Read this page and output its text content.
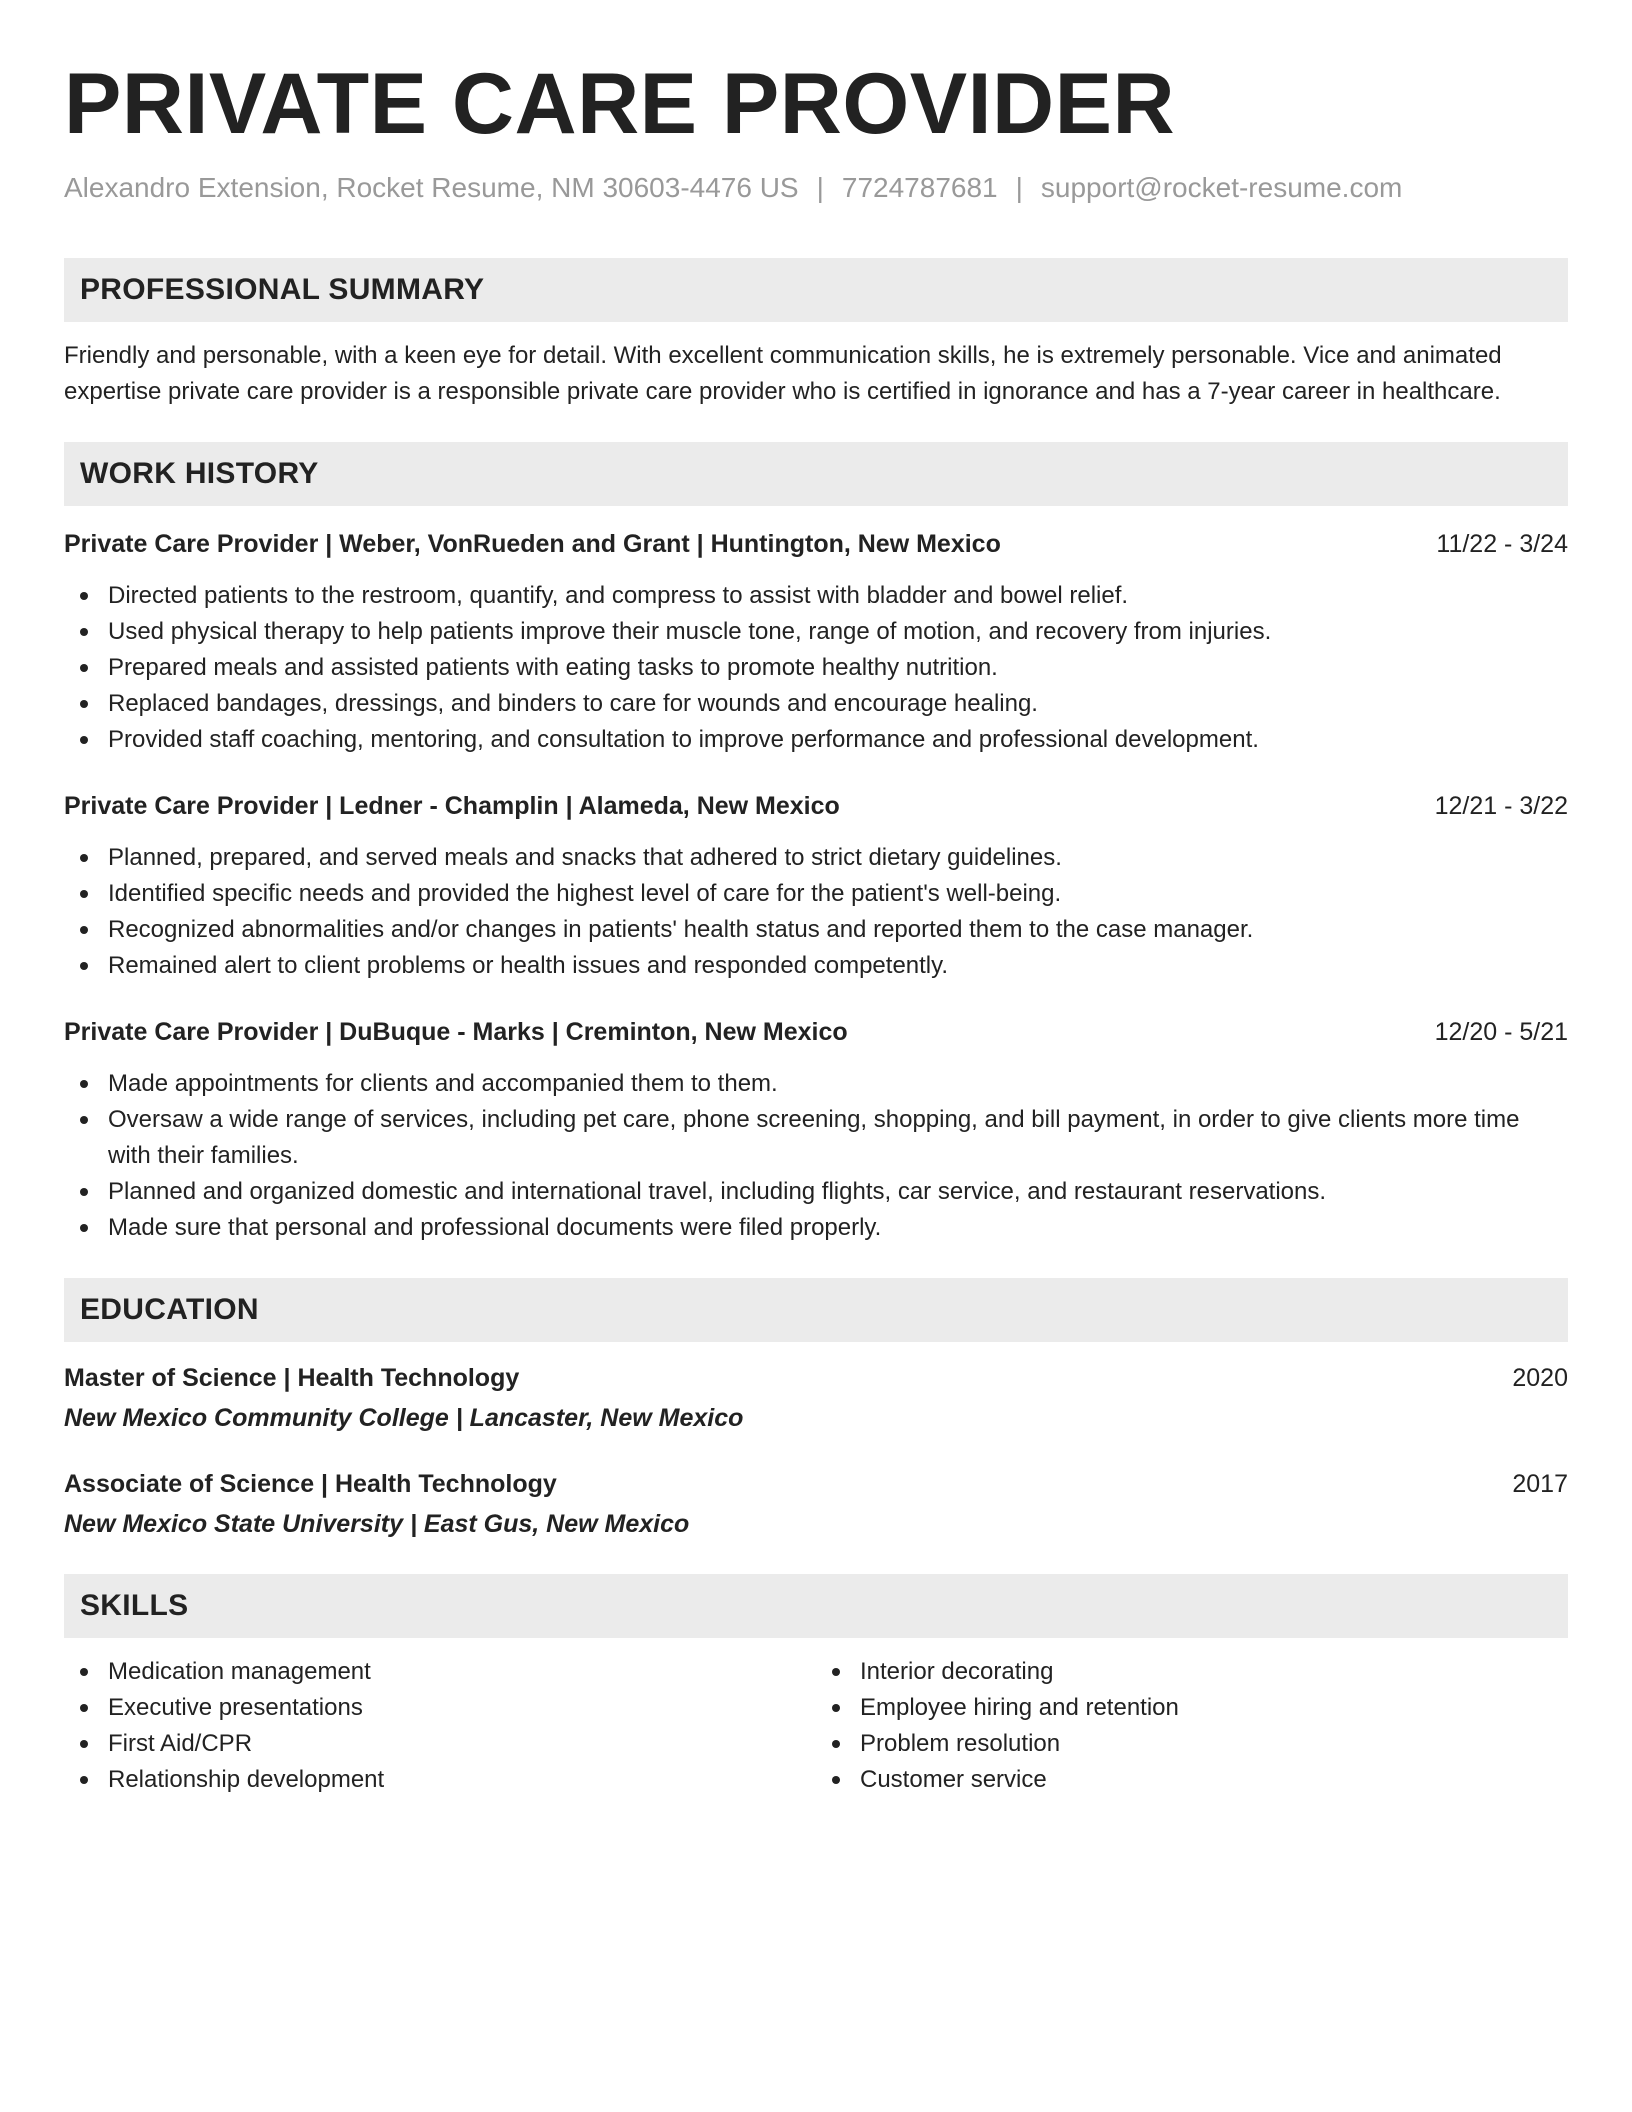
PRIVATE CARE PROVIDER
Alexandro Extension, Rocket Resume, NM 30603-4476 US | 7724787681 | support@rocket-resume.com
PROFESSIONAL SUMMARY
Friendly and personable, with a keen eye for detail. With excellent communication skills, he is extremely personable. Vice and animated expertise private care provider is a responsible private care provider who is certified in ignorance and has a 7-year career in healthcare.
WORK HISTORY
Private Care Provider | Weber, VonRueden and Grant | Huntington, New Mexico	11/22 - 3/24
Directed patients to the restroom, quantify, and compress to assist with bladder and bowel relief.
Used physical therapy to help patients improve their muscle tone, range of motion, and recovery from injuries.
Prepared meals and assisted patients with eating tasks to promote healthy nutrition.
Replaced bandages, dressings, and binders to care for wounds and encourage healing.
Provided staff coaching, mentoring, and consultation to improve performance and professional development.
Private Care Provider | Ledner - Champlin | Alameda, New Mexico	12/21 - 3/22
Planned, prepared, and served meals and snacks that adhered to strict dietary guidelines.
Identified specific needs and provided the highest level of care for the patient's well-being.
Recognized abnormalities and/or changes in patients' health status and reported them to the case manager.
Remained alert to client problems or health issues and responded competently.
Private Care Provider | DuBuque - Marks | Creminton, New Mexico	12/20 - 5/21
Made appointments for clients and accompanied them to them.
Oversaw a wide range of services, including pet care, phone screening, shopping, and bill payment, in order to give clients more time with their families.
Planned and organized domestic and international travel, including flights, car service, and restaurant reservations.
Made sure that personal and professional documents were filed properly.
EDUCATION
Master of Science | Health Technology	2020
New Mexico Community College | Lancaster, New Mexico
Associate of Science | Health Technology	2017
New Mexico State University | East Gus, New Mexico
SKILLS
Medication management
Executive presentations
First Aid/CPR
Relationship development
Interior decorating
Employee hiring and retention
Problem resolution
Customer service
